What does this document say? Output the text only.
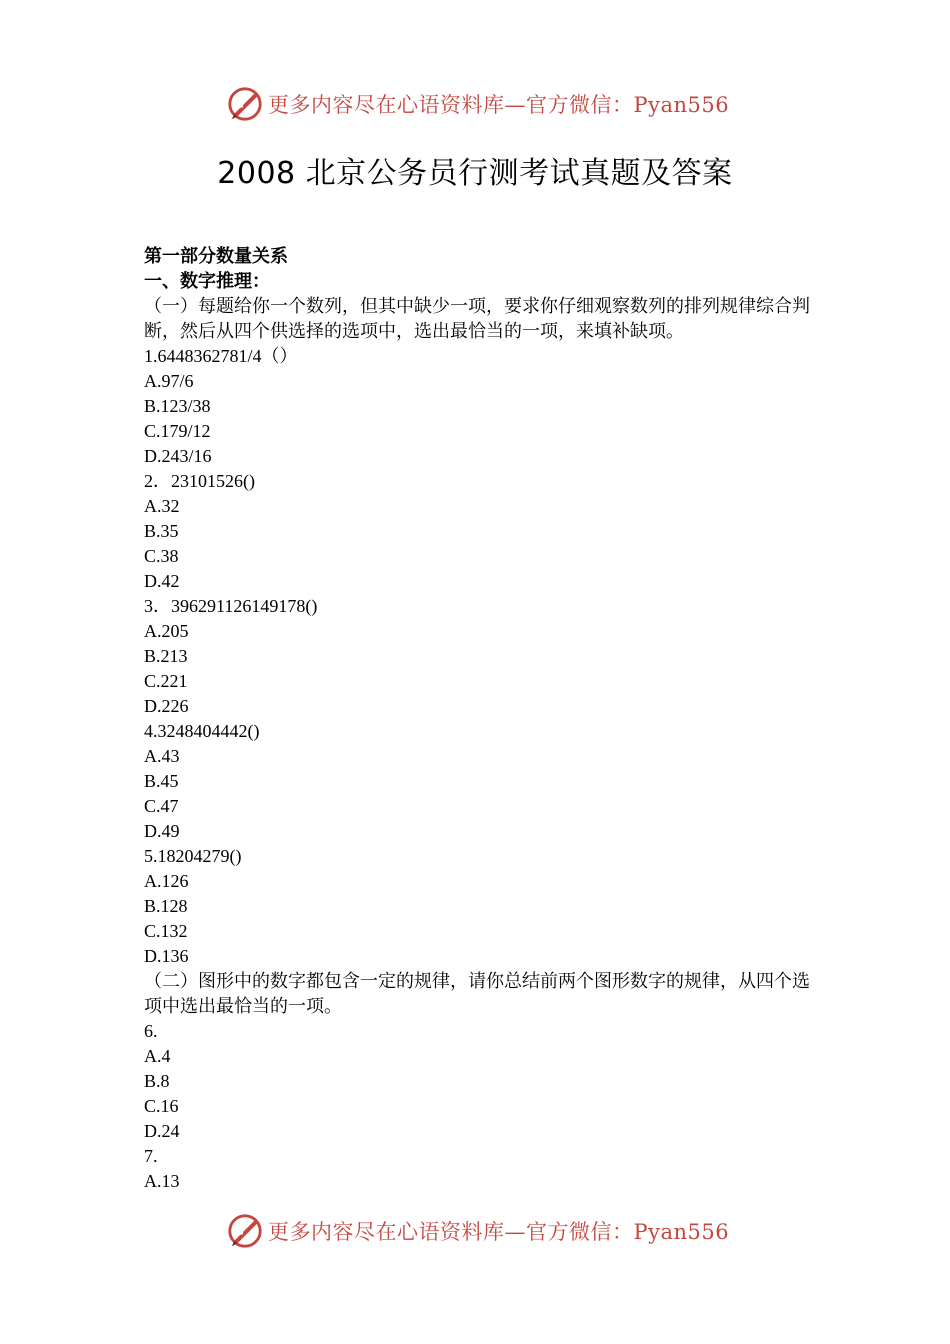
更多内容尽在心语资料库—官方微信：Pyan556
2008 北京公务员行测考试真题及答案
第一部分数量关系
一、数字推理：
（一）每题给你一个数列，但其中缺少一项，要求你仔细观察数列的排列规律综合判断，然后从四个供选择的选项中，选出最恰当的一项，来填补缺项。
1.6448362781/4（）
A.97/6
B.123/38
C.179/12
D.243/16
2．23101526()
A.32
B.35
C.38
D.42
3．396291126149178()
A.205
B.213
C.221
D.226
4.3248404442()
A.43
B.45
C.47
D.49
5.18204279()
A.126
B.128
C.132
D.136
（二）图形中的数字都包含一定的规律，请你总结前两个图形数字的规律，从四个选项中选出最恰当的一项。
6.
A.4
B.8
C.16
D.24
7.
A.13
更多内容尽在心语资料库—官方微信：Pyan556
